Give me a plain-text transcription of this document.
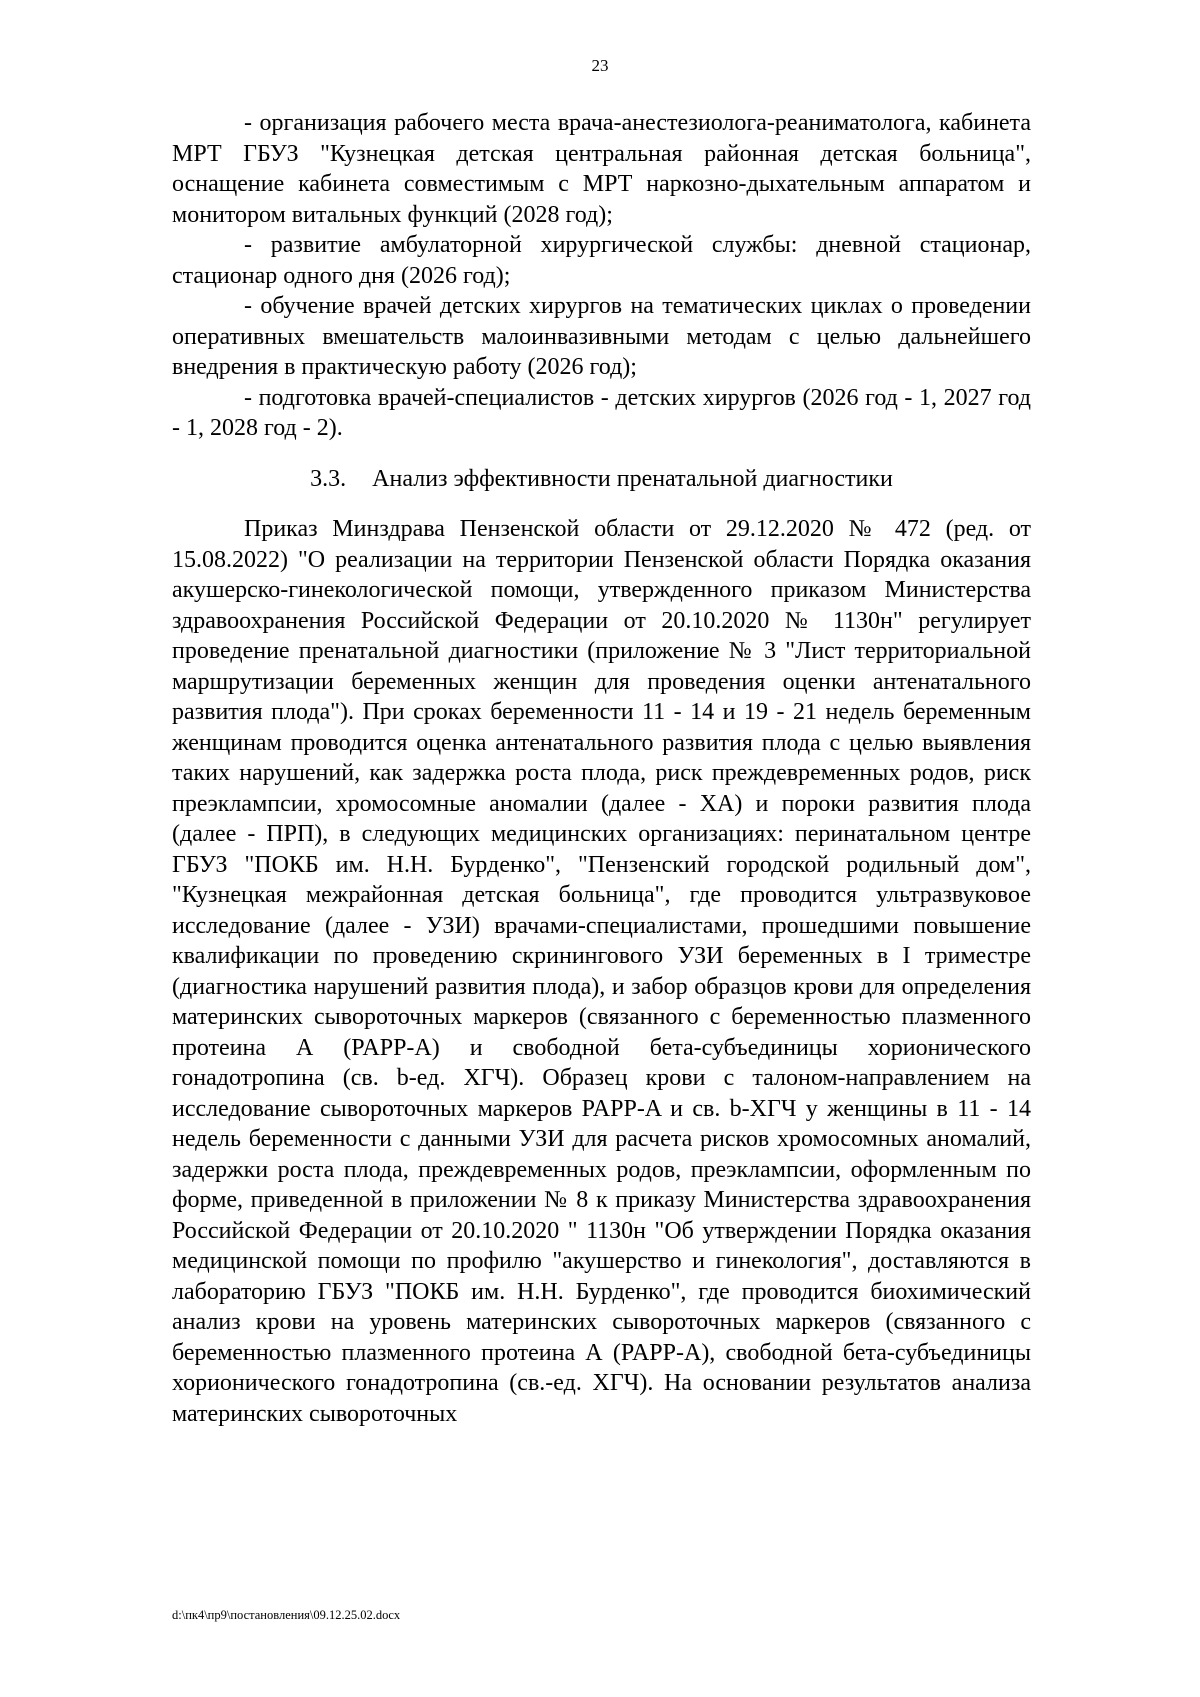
23

- организация рабочего места врача-анестезиолога-реаниматолога, кабинета МРТ ГБУЗ "Кузнецкая детская центральная районная детская больница", оснащение кабинета совместимым с МРТ наркозно-дыхательным аппаратом и монитором витальных функций (2028 год);

- развитие амбулаторной хирургической службы: дневной стационар, стационар одного дня (2026 год);

- обучение врачей детских хирургов на тематических циклах о проведении оперативных вмешательств малоинвазивными методам с целью дальнейшего внедрения в практическую работу (2026 год);

- подготовка врачей-специалистов - детских хирургов (2026 год - 1, 2027 год - 1, 2028 год - 2).

3.3. Анализ эффективности пренатальной диагностики

Приказ Минздрава Пензенской области от 29.12.2020 № 472 (ред. от 15.08.2022) "О реализации на территории Пензенской области Порядка оказания акушерско-гинекологической помощи, утвержденного приказом Министерства здравоохранения Российской Федерации от 20.10.2020 № 1130н" регулирует проведение пренатальной диагностики (приложение № 3 "Лист территориальной маршрутизации беременных женщин для проведения оценки антенатального развития плода"). При сроках беременности 11 - 14 и 19 - 21 недель беременным женщинам проводится оценка антенатального развития плода с целью выявления таких нарушений, как задержка роста плода, риск преждевременных родов, риск преэклампсии, хромосомные аномалии (далее - ХА) и пороки развития плода (далее - ПРП), в следующих медицинских организациях: перинатальном центре ГБУЗ "ПОКБ им. Н.Н. Бурденко", "Пензенский городской родильный дом", "Кузнецкая межрайонная детская больница", где проводится ультразвуковое исследование (далее - УЗИ) врачами-специалистами, прошедшими повышение квалификации по проведению скринингового УЗИ беременных в I триместре (диагностика нарушений развития плода), и забор образцов крови для определения материнских сывороточных маркеров (связанного с беременностью плазменного протеина А (PAPP-A) и свободной бета-субъединицы хорионического гонадотропина (св. b-ед. ХГЧ). Образец крови с талоном-направлением на исследование сывороточных маркеров PAPP-A и св. b-ХГЧ у женщины в 11 - 14 недель беременности с данными УЗИ для расчета рисков хромосомных аномалий, задержки роста плода, преждевременных родов, преэклампсии, оформленным по форме, приведенной в приложении № 8 к приказу Министерства здравоохранения Российской Федерации от 20.10.2020 " 1130н "Об утверждении Порядка оказания медицинской помощи по профилю "акушерство и гинекология", доставляются в лабораторию ГБУЗ "ПОКБ им. Н.Н. Бурденко", где проводится биохимический анализ крови на уровень материнских сывороточных маркеров (связанного с беременностью плазменного протеина А (PAPP-A), свободной бета-субъединицы хорионического гонадотропина (св.-ед. ХГЧ). На основании результатов анализа материнских сывороточных

d:\пк4\пр9\постановления\09.12.25.02.docx
